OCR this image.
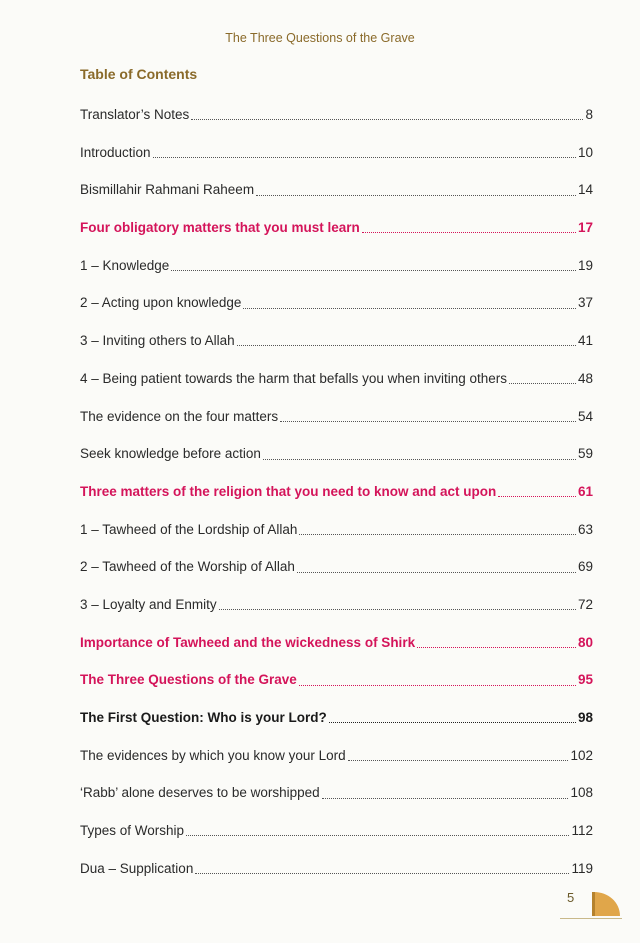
The Three Questions of the Grave
Table of Contents
Translator’s Notes	8
Introduction	10
Bismillahir Rahmani Raheem	14
Four obligatory matters that you must learn	17
1 – Knowledge	19
2 – Acting upon knowledge	37
3 – Inviting others to Allah	41
4 – Being patient towards the harm that befalls you when inviting others	48
The evidence on the four matters	54
Seek knowledge before action	59
Three matters of the religion that you need to know and act upon	61
1 – Tawheed of the Lordship of Allah	63
2 – Tawheed of the Worship of Allah	69
3 – Loyalty and Enmity	72
Importance of Tawheed and the wickedness of Shirk	80
The Three Questions of the Grave	95
The First Question: Who is your Lord?	98
The evidences by which you know your Lord	102
‘Rabb’ alone deserves to be worshipped	108
Types of Worship	112
Dua – Supplication	119
5
